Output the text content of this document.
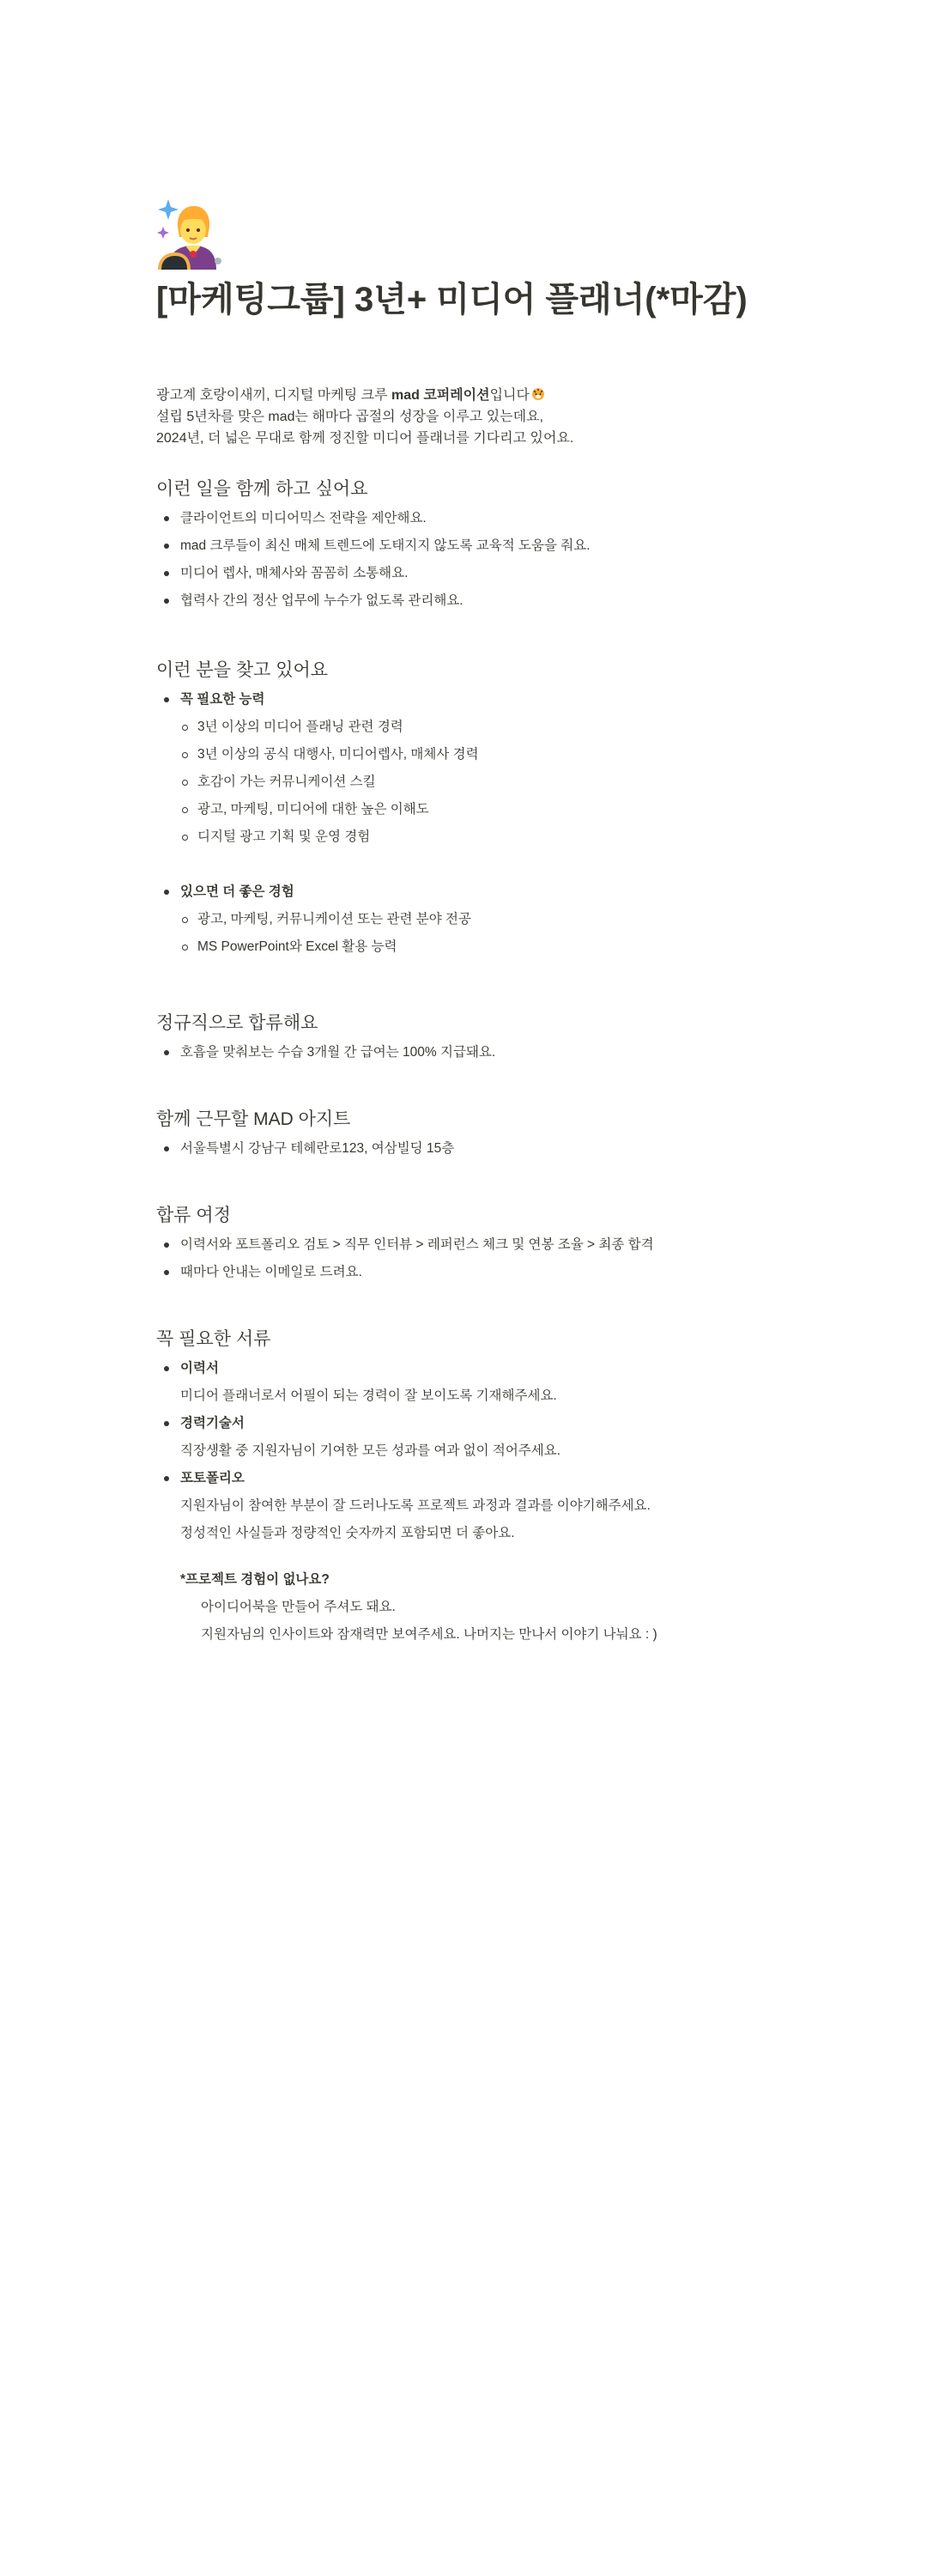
[마케팅그룹] 3년+ 미디어 플래너(*마감)

광고계 호랑이새끼, 디지털 마케팅 크루 mad 코퍼레이션입니다

설립 5년차를 맞은 mad는 해마다 곱절의 성장을 이루고 있는데요,

2024년, 더 넓은 무대로 함께 정진할 미디어 플래너를 기다리고 있어요.

이런 일을 함께 하고 싶어요
클라이언트의 미디어믹스 전략을 제안해요.
mad 크루들이 최신 매체 트렌드에 도태지지 않도록 교육적 도움을 줘요.
미디어 렙사, 매체사와 꼼꼼히 소통해요.
협력사 간의 정산 업무에 누수가 없도록 관리해요.
이런 분을 찾고 있어요
꼭 필요한 능력
3년 이상의 미디어 플래닝 관련 경력
3년 이상의 공식 대행사, 미디어렙사, 매체사 경력
호감이 가는 커뮤니케이션 스킬
광고, 마케팅, 미디어에 대한 높은 이해도
디지털 광고 기획 및 운영 경험
있으면 더 좋은 경험
광고, 마케팅, 커뮤니케이션 또는 관련 분야 전공
MS PowerPoint와 Excel 활용 능력
정규직으로 합류해요
호흡을 맞춰보는 수습 3개월 간 급여는 100% 지급돼요.
함께 근무할 MAD 아지트
서울특별시 강남구 테헤란로123, 여삼빌딩 15층
합류 여정
이력서와 포트폴리오 검토 > 직무 인터뷰 > 레퍼런스 체크 및 연봉 조율 > 최종 합격
때마다 안내는 이메일로 드려요.
꼭 필요한 서류
이력서
미디어 플래너로서 어필이 되는 경력이 잘 보이도록 기재해주세요.
경력기술서
직장생활 중 지원자님이 기여한 모든 성과를 여과 없이 적어주세요.
포토폴리오
지원자님이 참여한 부분이 잘 드러나도록 프로젝트 과정과 결과를 이야기해주세요.
정성적인 사실들과 정량적인 숫자까지 포함되면 더 좋아요.
*프로젝트 경험이 없나요?
아이디어북을 만들어 주셔도 돼요.
지원자님의 인사이트와 잠재력만 보여주세요. 나머지는 만나서 이야기 나눠요 : )
